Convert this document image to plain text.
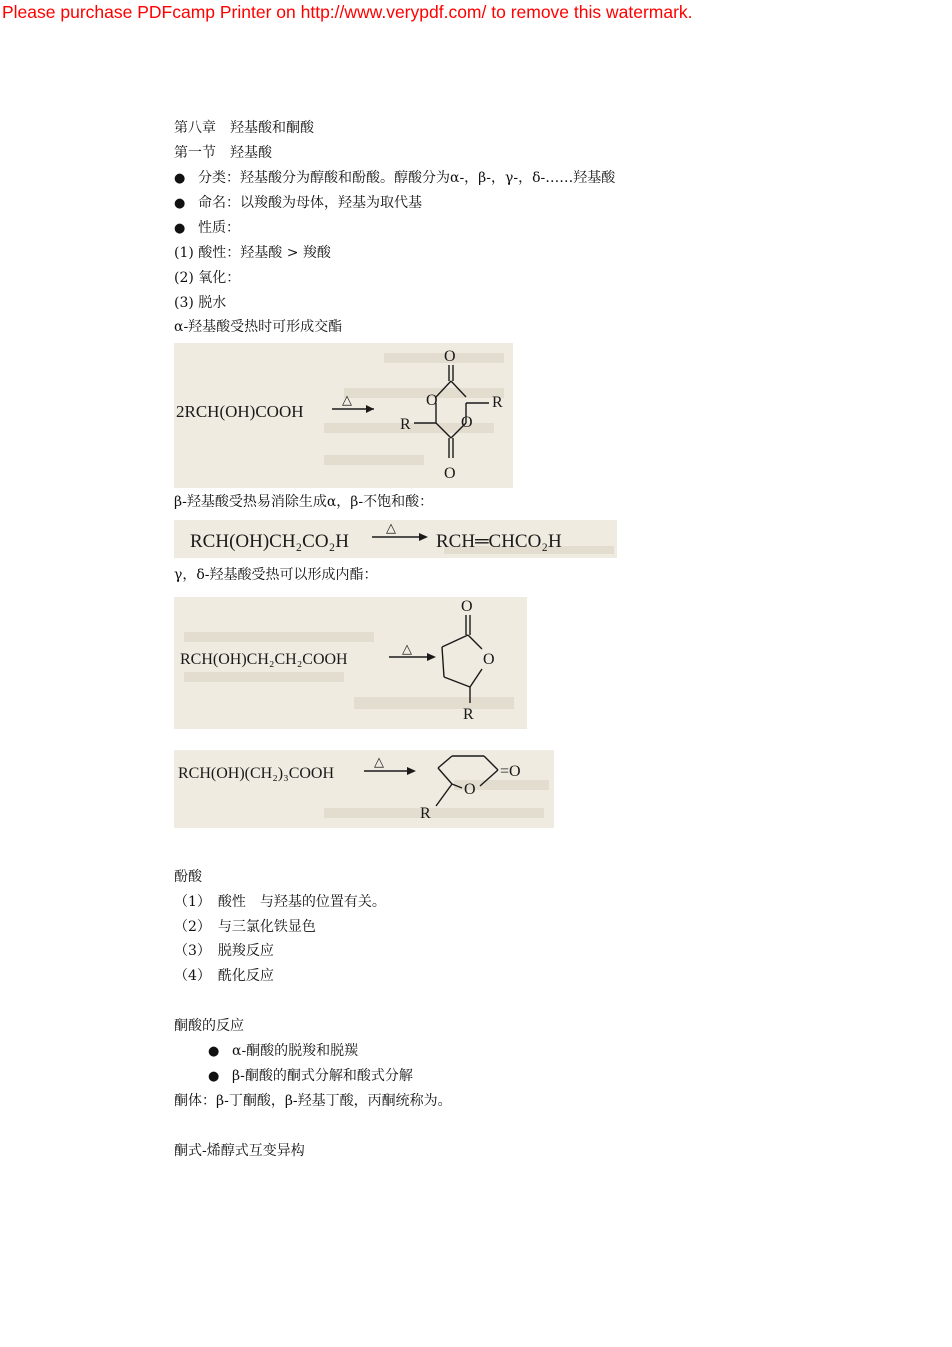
Please purchase PDFcamp Printer on http://www.verypdf.com/ to remove this watermark.
第八章　羟基酸和酮酸
第一节　羟基酸
● 分类：羟基酸分为醇酸和酚酸。醇酸分为α-，β-，γ-，δ-……羟基酸
● 命名：以羧酸为母体，羟基为取代基
● 性质：
(1) 酸性：羟基酸 > 羧酸
(2) 氧化：
(3) 脱水
α-羟基酸受热时可形成交酯
2RCH(OH)COOH
△
O
O
O
O
R
R
β-羟基酸受热易消除生成α，β-不饱和酸：
RCH(OH)CH₂CO₂H
△
RCH═CHCO₂H
γ，δ-羟基酸受热可以形成内酯：
RCH(OH)CH₂CH₂COOH
△
O
O
R
RCH(OH)(CH₂)₃COOH
△
=O
O
R
酚酸
（1）　酸性　与羟基的位置有关。
（2）　与三氯化铁显色
（3）　脱羧反应
（4）　酰化反应
酮酸的反应
● α-酮酸的脱羧和脱羰
● β-酮酸的酮式分解和酸式分解
酮体：β-丁酮酸，β-羟基丁酸，丙酮统称为。
酮式-烯醇式互变异构
